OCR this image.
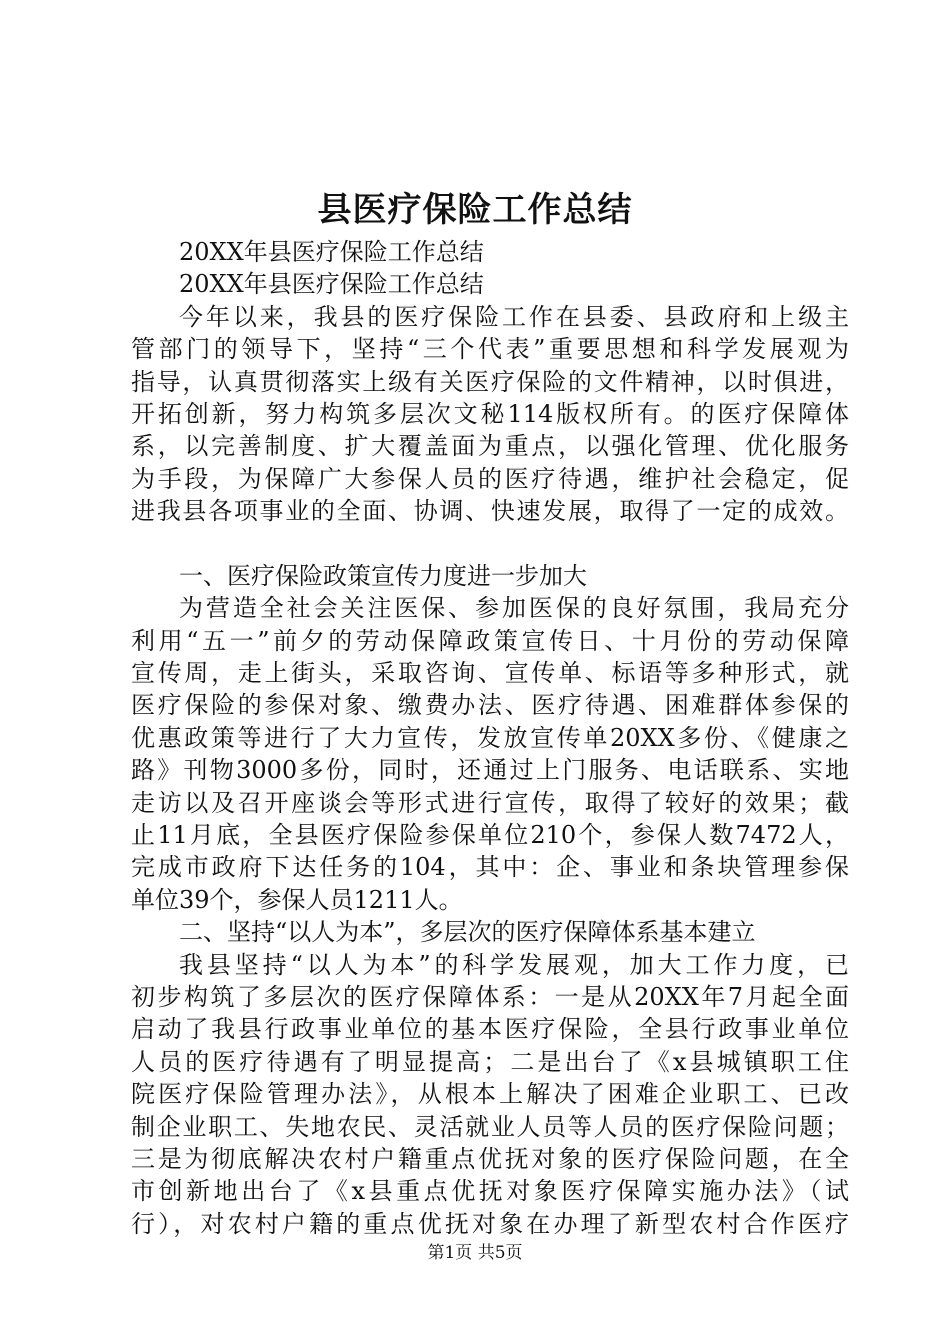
县医疗保险工作总结
20XX年县医疗保险工作总结
20XX年县医疗保险工作总结
今年以来，我县的医疗保险工作在县委、县政府和上级主
管部门的领导下，坚持“三个代表”重要思想和科学发展观为
指导，认真贯彻落实上级有关医疗保险的文件精神，以时俱进，
开拓创新，努力构筑多层次文秘114版权所有。的医疗保障体
系，以完善制度、扩大覆盖面为重点，以强化管理、优化服务
为手段，为保障广大参保人员的医疗待遇，维护社会稳定，促
进我县各项事业的全面、协调、快速发展，取得了一定的成效。
一、医疗保险政策宣传力度进一步加大
为营造全社会关注医保、参加医保的良好氛围，我局充分
利用“五一”前夕的劳动保障政策宣传日、十月份的劳动保障
宣传周，走上街头，采取咨询、宣传单、标语等多种形式，就
医疗保险的参保对象、缴费办法、医疗待遇、困难群体参保的
优惠政策等进行了大力宣传，发放宣传单20XX多份、《健康之
路》刊物3000多份，同时，还通过上门服务、电话联系、实地
走访以及召开座谈会等形式进行宣传，取得了较好的效果；截
止11月底，全县医疗保险参保单位210个，参保人数7472人，
完成市政府下达任务的104，其中：企、事业和条块管理参保
单位39个，参保人员1211人。
二、坚持“以人为本”，多层次的医疗保障体系基本建立
我县坚持“以人为本”的科学发展观，加大工作力度，已
初步构筑了多层次的医疗保障体系：一是从20XX年7月起全面
启动了我县行政事业单位的基本医疗保险，全县行政事业单位
人员的医疗待遇有了明显提高；二是出台了《x县城镇职工住
院医疗保险管理办法》，从根本上解决了困难企业职工、已改
制企业职工、失地农民、灵活就业人员等人员的医疗保险问题；
三是为彻底解决农村户籍重点优抚对象的医疗保险问题，在全
市创新地出台了《x县重点优抚对象医疗保障实施办法》（试
行），对农村户籍的重点优抚对象在办理了新型农村合作医疗
第1页 共5页
